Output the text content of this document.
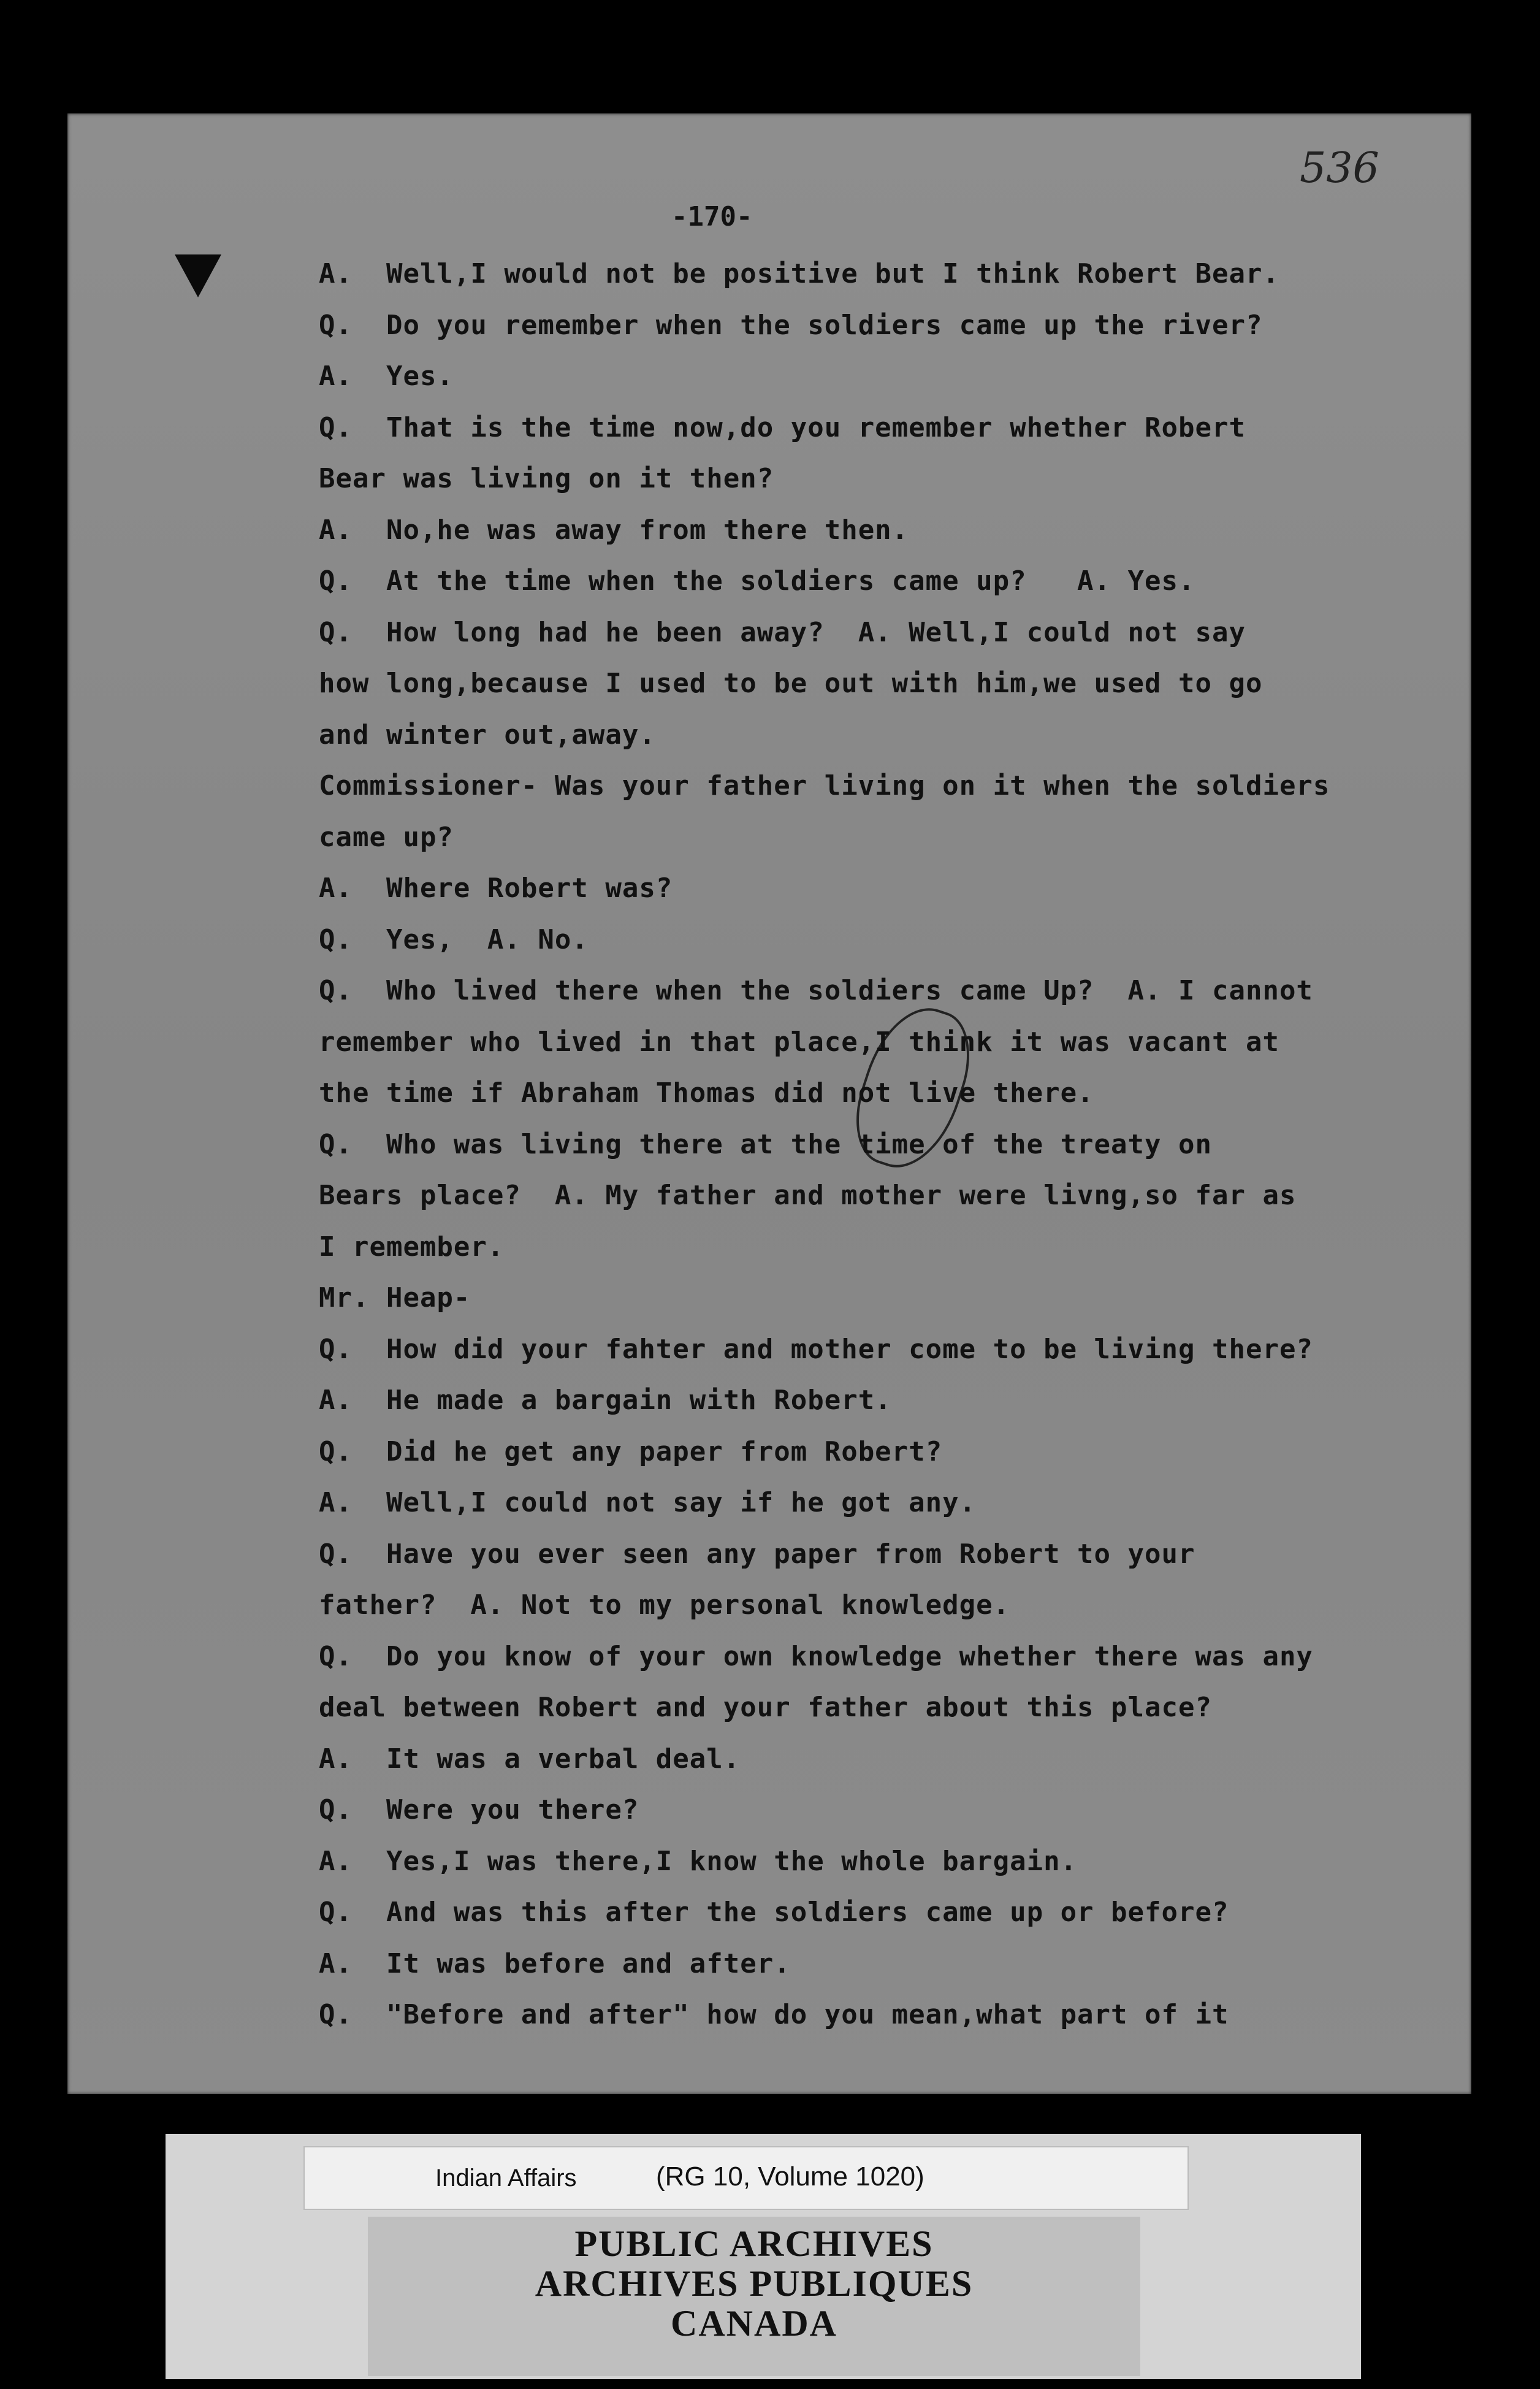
536
-170-
A.  Well,I would not be positive but I think Robert Bear.
Q.  Do you remember when the soldiers came up the river?
A.  Yes.
Q.  That is the time now,do you remember whether Robert
Bear was living on it then?
A.  No,he was away from there then.
Q.  At the time when the soldiers came up?   A. Yes.
Q.  How long had he been away?  A. Well,I could not say
how long,because I used to be out with him,we used to go
and winter out,away.
Commissioner- Was your father living on it when the soldiers
came up?
A.  Where Robert was?
Q.  Yes,  A. No.
Q.  Who lived there when the soldiers came Up?  A. I cannot
remember who lived in that place,I think it was vacant at
the time if Abraham Thomas did not live there.
Q.  Who was living there at the time of the treaty on
Bears place?  A. My father and mother were livng,so far as
I remember.
Mr. Heap-
Q.  How did your fahter and mother come to be living there?
A.  He made a bargain with Robert.
Q.  Did he get any paper from Robert?
A.  Well,I could not say if he got any.
Q.  Have you ever seen any paper from Robert to your
father?  A. Not to my personal knowledge.
Q.  Do you know of your own knowledge whether there was any
deal between Robert and your father about this place?
A.  It was a verbal deal.
Q.  Were you there?
A.  Yes,I was there,I know the whole bargain.
Q.  And was this after the soldiers came up or before?
A.  It was before and after.
Q.  "Before and after" how do you mean,what part of it
Indian Affairs	(RG 10, Volume 1020)
PUBLIC ARCHIVES
ARCHIVES PUBLIQUES
CANADA
